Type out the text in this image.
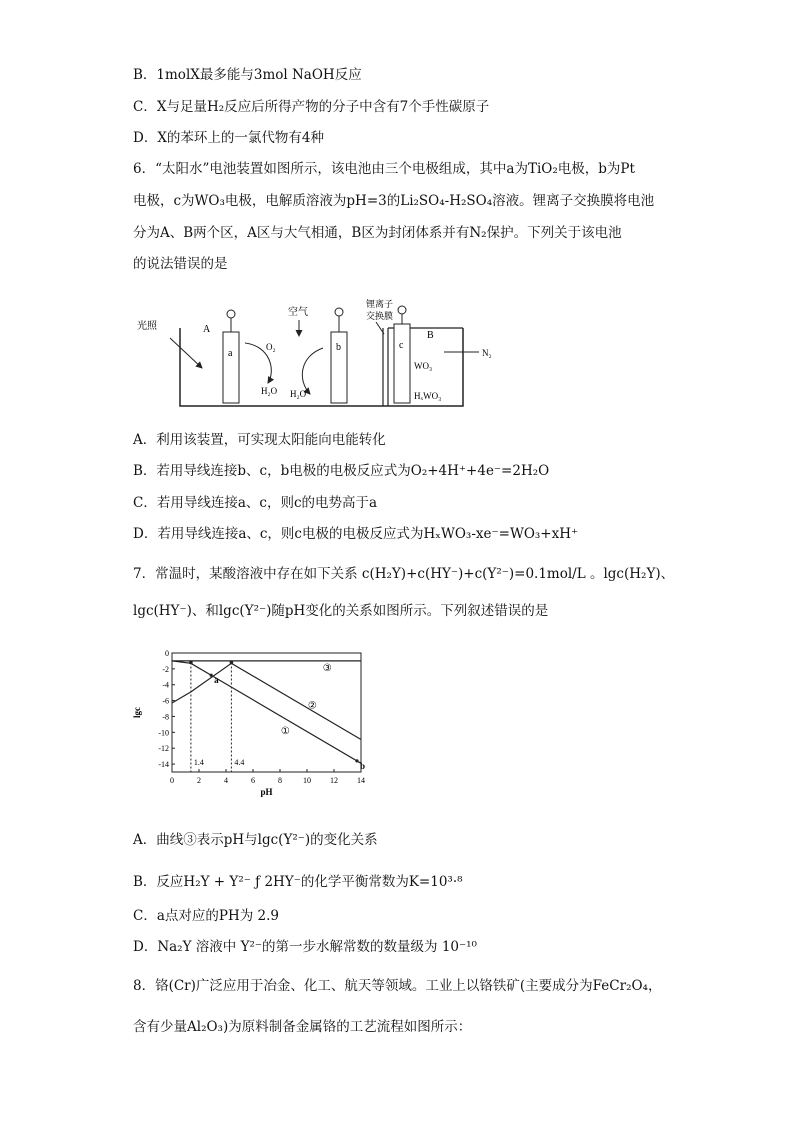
B．1molX最多能与3mol NaOH反应
C．X与足量H₂反应后所得产物的分子中含有7个手性碳原子
D．X的苯环上的一氯代物有4种
6．“太阳水”电池装置如图所示，该电池由三个电极组成，其中a为TiO₂电极，b为Pt
电极，c为WO₃电极，电解质溶液为pH=3的Li₂SO₄-H₂SO₄溶液。锂离子交换膜将电池
分为A、B两个区，A区与大气相通，B区为封闭体系并有N₂保护。下列关于该电池
的说法错误的是
光照	A
a
O₂
H₂O
空气
H₂O
b
锂离子
交换膜
c
B
WO₃
HₓWO₃
N₂
A．利用该装置，可实现太阳能向电能转化
B．若用导线连接b、c，b电极的电极反应式为O₂+4H⁺+4e⁻=2H₂O
C．若用导线连接a、c，则c的电势高于a
D．若用导线连接a、c，则c电极的电极反应式为HₓWO₃-xe⁻=WO₃+xH⁺
7．常温时，某酸溶液中存在如下关系 c(H₂Y)+c(HY⁻)+c(Y²⁻)=0.1mol/L 。lgc(H₂Y)、
lgc(HY⁻)、和lgc(Y²⁻)随pH变化的关系如图所示。下列叙述错误的是
0	2	4	6	8	10 12 14
0
-2
-4
-6
-8
-10
-12
-14
pH
lgc
①
②
③
1.4	4.4
a
b
A．曲线③表示pH与lgc(Y²⁻)的变化关系
B．反应H₂Y + Y²⁻ ƒ 2HY⁻的化学平衡常数为K=10³·⁸
C．a点对应的PH为 2.9
D．Na₂Y 溶液中 Y²⁻的第一步水解常数的数量级为 10⁻¹⁰
8．铬(Cr)广泛应用于冶金、化工、航天等领域。工业上以铬铁矿(主要成分为FeCr₂O₄，
含有少量Al₂O₃)为原料制备金属铬的工艺流程如图所示：
